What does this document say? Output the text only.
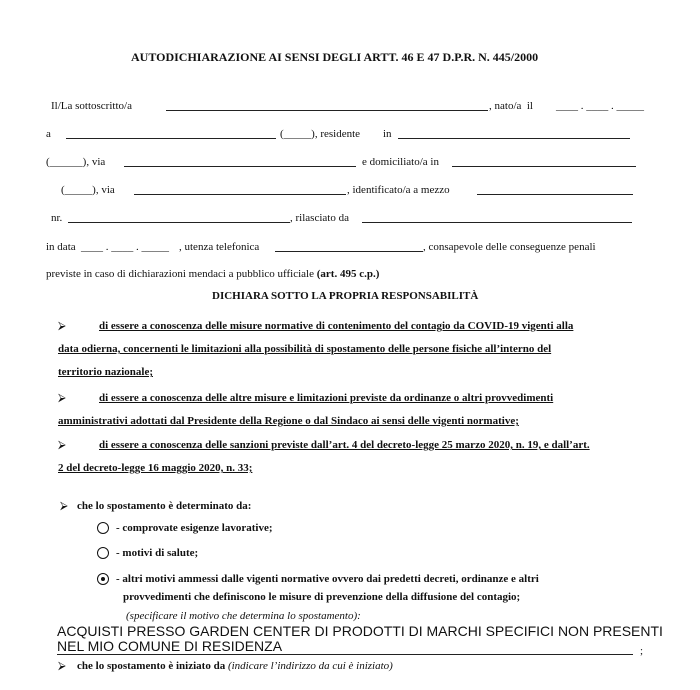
AUTODICHIARAZIONE AI SENSI DEGLI ARTT. 46 E 47 D.P.R. N. 445/2000
Il/La sottoscritto/a	, nato/a  il ____ . ____ . _____
a	(_____), residente in
(______), via	e domiciliato/a in
(_____), via	, identificato/a a mezzo
nr.	, rilasciato da
in data ____ . ____ . _____ , utenza telefonica	, consapevole delle conseguenze penali
previste in caso di dichiarazioni mendaci a pubblico ufficiale (art. 495 c.p.)
DICHIARA SOTTO LA PROPRIA RESPONSABILITÀ
⮚	di essere a conoscenza delle misure normative di contenimento del contagio da COVID-19 vigenti alla
data odierna, concernenti le limitazioni alla possibilità di spostamento delle persone fisiche all’interno del
territorio nazionale;
⮚	di essere a conoscenza delle altre misure e limitazioni previste da ordinanze o altri provvedimenti
amministrativi adottati dal Presidente della Regione o dal Sindaco ai sensi delle vigenti normative;
⮚	di essere a conoscenza delle sanzioni previste dall’art. 4 del decreto-legge 25 marzo 2020, n. 19, e dall’art.
2 del decreto-legge 16 maggio 2020, n. 33;
⮚ che lo spostamento è determinato da:
- comprovate esigenze lavorative;
- motivi di salute;
- altri motivi ammessi dalle vigenti normative ovvero dai predetti decreti, ordinanze e altri
provvedimenti che definiscono le misure di prevenzione della diffusione del contagio;
(specificare il motivo che determina lo spostamento):
ACQUISTI PRESSO GARDEN CENTER DI PRODOTTI DI MARCHI SPECIFICI NON PRESENTI
NEL MIO COMUNE DI RESIDENZA	;
⮚ che lo spostamento è iniziato da (indicare l’indirizzo da cui è iniziato)
